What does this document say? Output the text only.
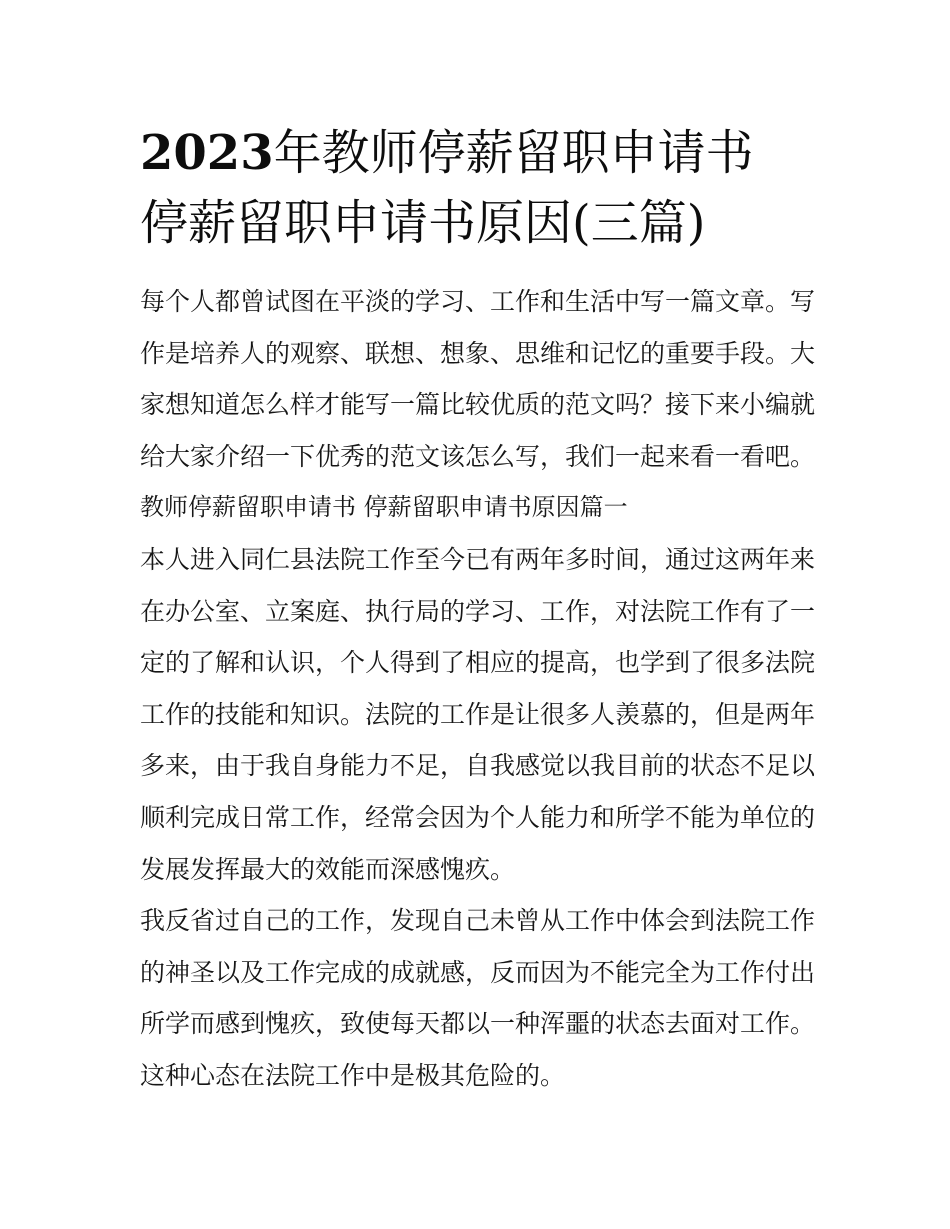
2023年教师停薪留职申请书
停薪留职申请书原因(三篇)

每个人都曾试图在平淡的学习、工作和生活中写一篇文章。写作是培养人的观察、联想、想象、思维和记忆的重要手段。大家想知道怎么样才能写一篇比较优质的范文吗？接下来小编就给大家介绍一下优秀的范文该怎么写，我们一起来看一看吧。

教师停薪留职申请书 停薪留职申请书原因篇一

本人进入同仁县法院工作至今已有两年多时间，通过这两年来在办公室、立案庭、执行局的学习、工作，对法院工作有了一定的了解和认识，个人得到了相应的提高，也学到了很多法院工作的技能和知识。法院的工作是让很多人羡慕的，但是两年多来，由于我自身能力不足，自我感觉以我目前的状态不足以顺利完成日常工作，经常会因为个人能力和所学不能为单位的发展发挥最大的效能而深感愧疚。

我反省过自己的工作，发现自己未曾从工作中体会到法院工作的神圣以及工作完成的成就感，反而因为不能完全为工作付出所学而感到愧疚，致使每天都以一种浑噩的状态去面对工作。这种心态在法院工作中是极其危险的。
